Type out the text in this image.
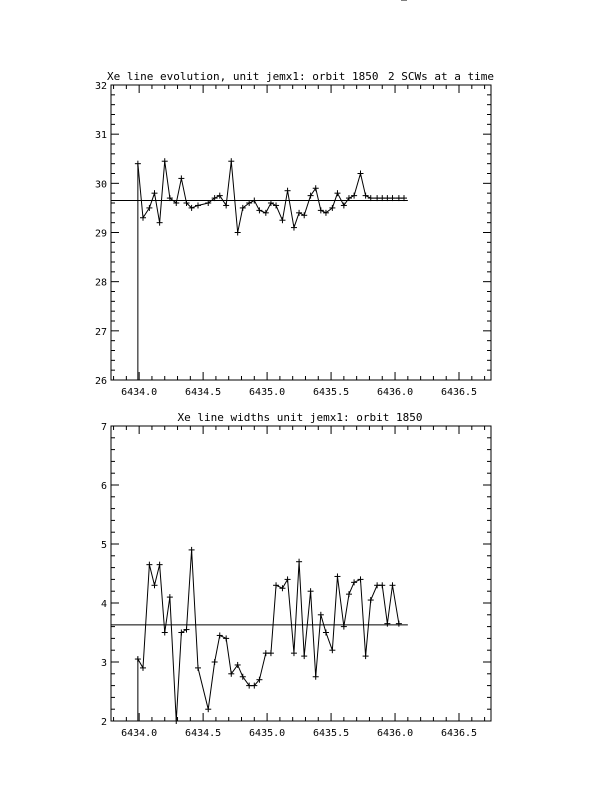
Xe line evolution, unit jemx1: orbit 1850 2 SCWs at a time
6434.0	6434.5	6435.0	6435.5	6436.0	6436.5
26
27
28
29
30
31
32
Xe line widths unit jemx1: orbit 1850
6434.0	6434.5	6435.0	6435.5	6436.0	6436.5
2
3
4
5
6
7
